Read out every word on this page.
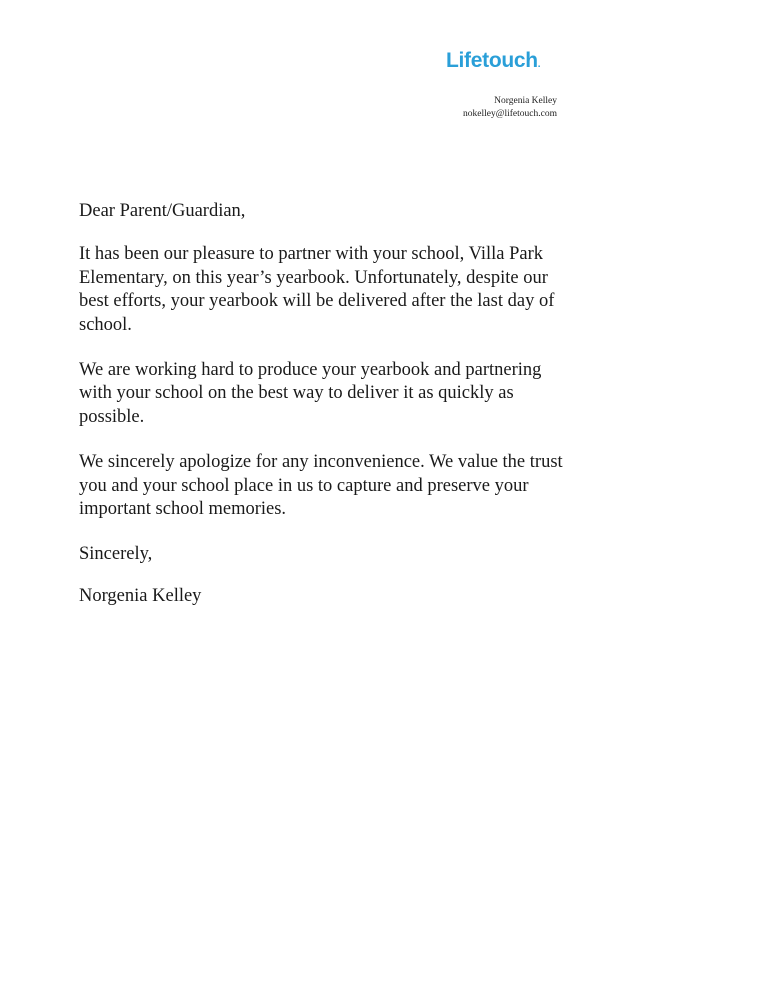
Lifetouch.
Norgenia Kelley
nokelley@lifetouch.com

Dear Parent/Guardian,

It has been our pleasure to partner with your school, Villa Park Elementary, on this year’s yearbook. Unfortunately, despite our best efforts, your yearbook will be delivered after the last day of school.

We are working hard to produce your yearbook and partnering with your school on the best way to deliver it as quickly as possible.

We sincerely apologize for any inconvenience. We value the trust you and your school place in us to capture and preserve your important school memories.

Sincerely,

Norgenia Kelley
